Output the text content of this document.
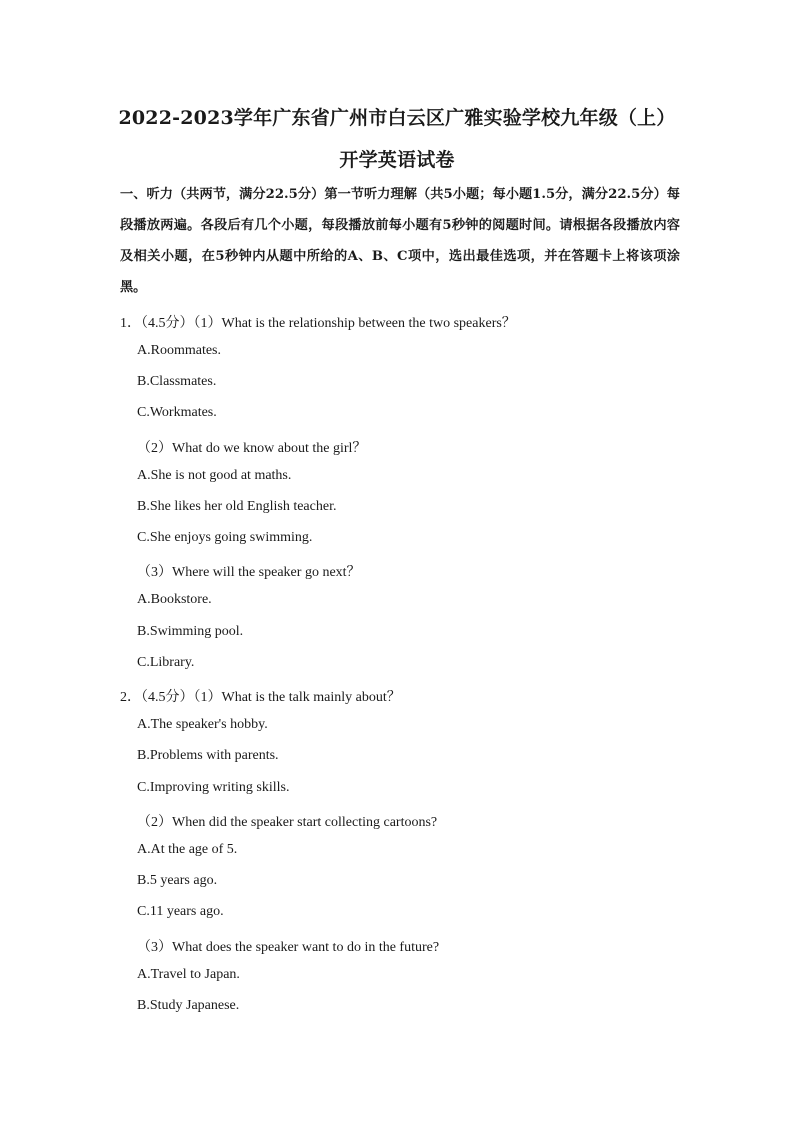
2022-2023学年广东省广州市白云区广雅实验学校九年级（上）
开学英语试卷
一、听力（共两节，满分22.5分）第一节听力理解（共5小题；每小题1.5分，满分22.5分）每段播放两遍。各段后有几个小题，每段播放前每小题有5秒钟的阅题时间。请根据各段播放内容及相关小题，在5秒钟内从题中所给的A、B、C项中，选出最佳选项，并在答题卡上将该项涂黑。
1．（4.5分）（1）What is the relationship between the two speakers？
A.Roommates.
B.Classmates.
C.Workmates.
（2）What do we know about the girl？
A.She is not good at maths.
B.She likes her old English teacher.
C.She enjoys going swimming.
（3）Where will the speaker go next？
A.Bookstore.
B.Swimming pool.
C.Library.
2．（4.5分）（1）What is the talk mainly about？
A.The speaker's hobby.
B.Problems with parents.
C.Improving writing skills.
（2）When did the speaker start collecting cartoons?
A.At the age of 5.
B.5 years ago.
C.11 years ago.
（3）What does the speaker want to do in the future?
A.Travel to Japan.
B.Study Japanese.
